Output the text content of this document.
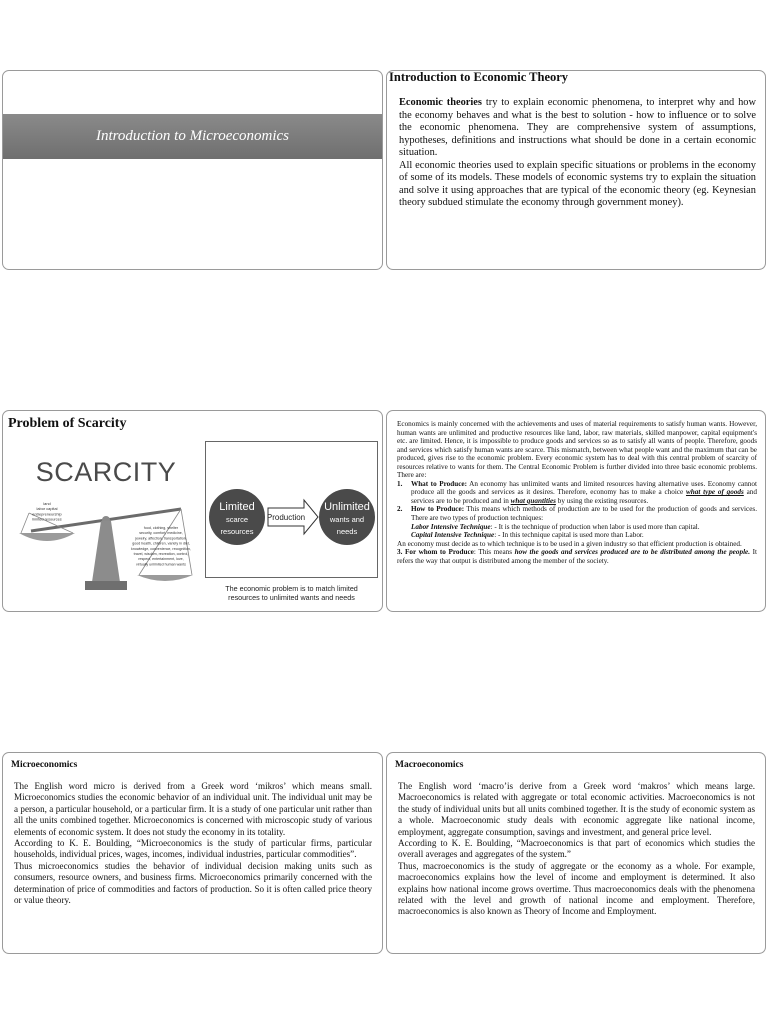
Introduction to Microeconomics
Introduction to Economic Theory

Economic theories try to explain economic phenomena, to interpret why and how the economy behaves and what is the best to solution - how to influence or to solve the economic phenomena. They are comprehensive system of assumptions, hypotheses, definitions and instructions what should be done in a certain economic situation.

All economic theories used to explain specific situations or problems in the economy of some of its models. These models of economic systems try to explain the situation and solve it using approaches that are typical of the economic theory (eg. Keynesian theory subdued stimulate the economy through government money).

Problem of Scarcity
SCARCITY
land
labor capital
entrepreneurship
limited resources
food, clothing, shelter
security, comfort, medicine,
jewelry, affection, transportation,
good health, children, variety in diet,
knowledge, convenience, recognition,
travel, wisdom, recreation, control,
respect, entertainment, love,
virtually unlimited human wants
Limited
scarce
resources
Unlimited
wants and
needs
Production
The economic problem is to match limited
resources to unlimited wants and needs

Economics is mainly concerned with the achievements and uses of material requirements to satisfy human wants. However, human wants are unlimited and productive resources like land, labor, raw materials, skilled manpower, capital equipment's etc. are limited. Hence, it is impossible to produce goods and services so as to satisfy all wants of people. Therefore, goods and services which satisfy human wants are scarce. This mismatch, between what people want and the maximum that can be produced, gives rise to the economic problem. Every economic system has to deal with this central problem of scarcity of resources relative to wants for them. The Central Economic Problem is further divided into three basic economic problems. There are:

1. What to Produce: An economy has unlimited wants and limited resources having alternative uses. Economy cannot produce all the goods and services as it desires. Therefore, economy has to make a choice what type of goods and services are to be produced and in what quantities by using the existing resources.

2. How to Produce: This means which methods of production are to be used for the production of goods and services. There are two types of production techniques:

Labor Intensive Technique: - It is the technique of production when labor is used more than capital.

Capital Intensive Technique: - In this technique capital is used more than Labor.

An economy must decide as to which technique is to be used in a given industry so that efficient production is obtained.

3. For whom to Produce: This means how the goods and services produced are to be distributed among the people. It refers the way that output is distributed among the member of the society.

Microeconomics

The English word micro is derived from a Greek word ‘mikros’ which means small. Microeconomics studies the economic behavior of an individual unit. The individual unit may be a person, a particular household, or a particular firm. It is a study of one particular unit rather than all the units combined together. Microeconomics is concerned with microscopic study of various elements of economic system. It does not study the economy in its totality.

According to K. E. Boulding, “Microeconomics is the study of particular firms, particular households, individual prices, wages, incomes, individual industries, particular commodities”.

Thus microeconomics studies the behavior of individual decision making units such as consumers, resource owners, and business firms. Microeconomics primarily concerned with the determination of price of commodities and factors of production. So it is often called price theory or value theory.

Macroeconomics

The English word ‘macro’is derive from a Greek word ‘makros’ which means large. Macroeconomics is related with aggregate or total economic activities. Macroeconomics is not the study of individual units but all units combined together. It is the study of economic system as a whole. Macroeconomic study deals with economic aggregate like national income, employment, aggregate consumption, savings and investment, and general price level.

According to K. E. Boulding, “Macroeconomics is that part of economics which studies the overall averages and aggregates of the system.”

Thus, macroeconomics is the study of aggregate or the economy as a whole. For example, macroeconomics explains how the level of income and employment is determined. It also explains how national income grows overtime. Thus macroeconomics deals with the phenomena related with the level and growth of national income and employment. Therefore, macroeconomics is also known as Theory of Income and Employment.
